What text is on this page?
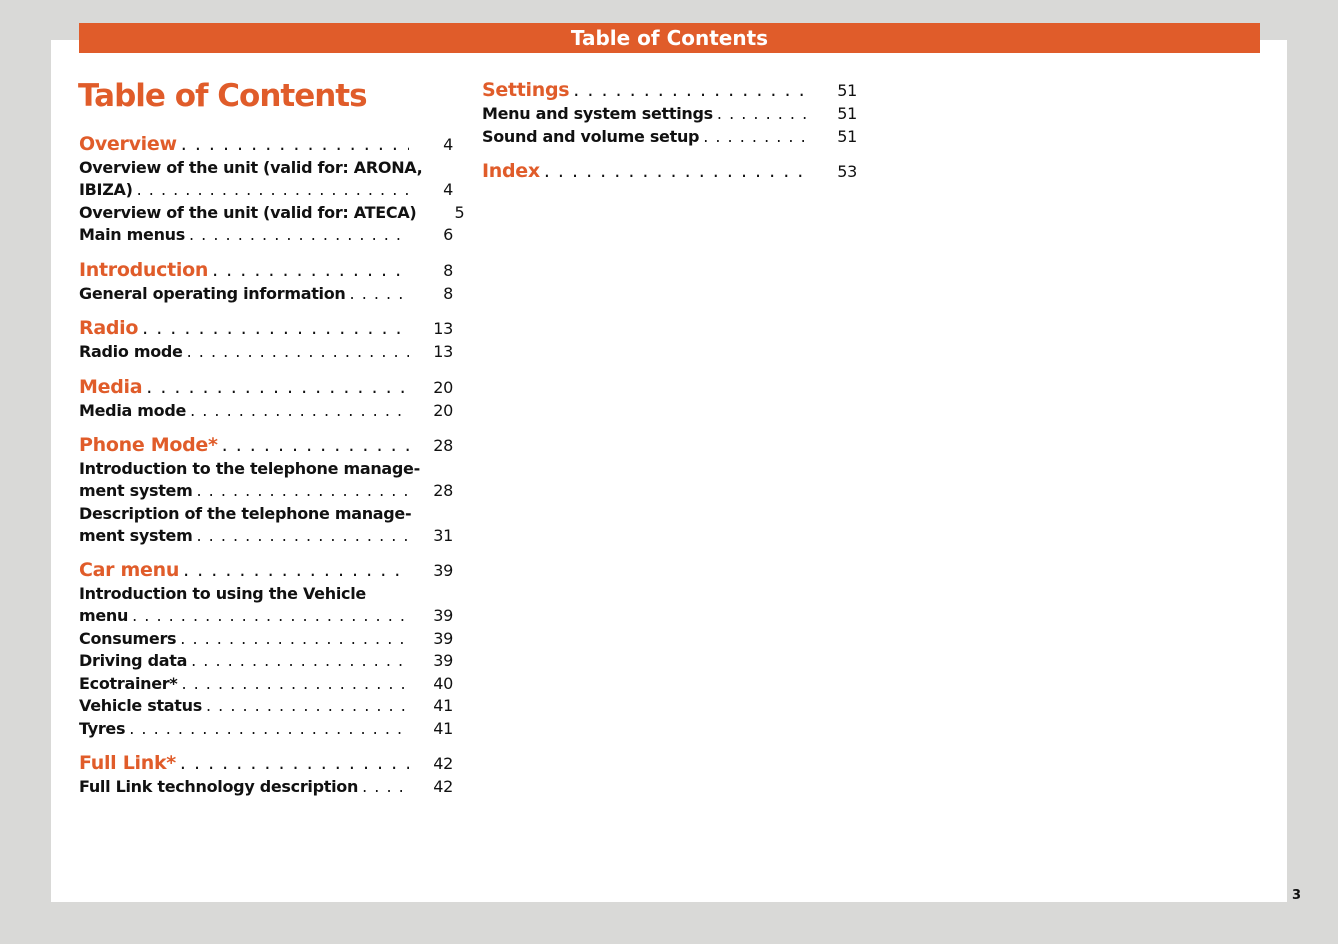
Table of Contents
Table of Contents
Overview . . .	4
Overview of the unit (valid for: ARONA,
IBIZA) . . .	4
Overview of the unit (valid for: ATECA)	5
Main menus . . .	6
Introduction . . .	8
General operating information . . .	8
Radio . . .	13
Radio mode . . .	13
Media . . .	20
Media mode . . .	20
Phone Mode* . . .	28
Introduction to the telephone manage-
ment system . . .	28
Description of the telephone manage-
ment system . . .	31
Car menu . . .	39
Introduction to using the Vehicle
menu . . .	39
Consumers . . .	39
Driving data . . .	39
Ecotrainer* . . .	40
Vehicle status . . .	41
Tyres . . .	41
Full Link* . . .	42
Full Link technology description . . .	42
Settings . . .	51
Menu and system settings . . .	51
Sound and volume setup . . .	51
Index . . .	53
3
